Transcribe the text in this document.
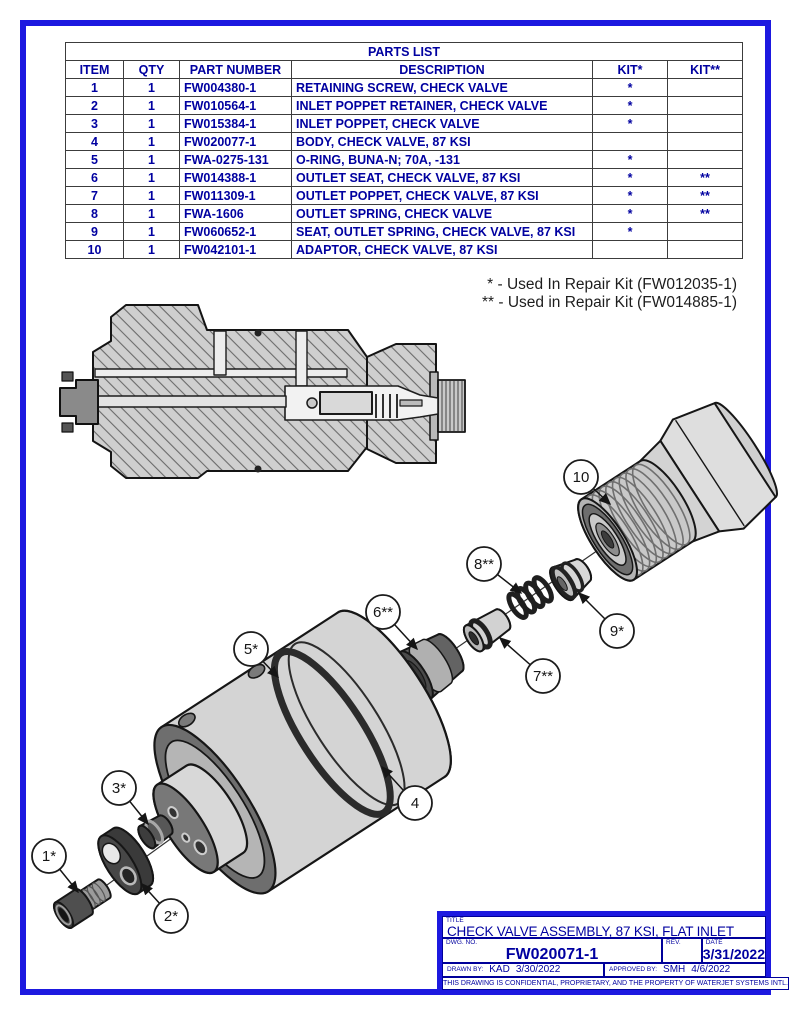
PARTS LIST					
ITEM	QTY	PART NUMBER	DESCRIPTION	KIT*	KIT**
1	1	FW004380-1	RETAINING SCREW, CHECK VALVE	*	
2	1	FW010564-1	INLET POPPET RETAINER, CHECK VALVE	*	
3	1	FW015384-1	INLET POPPET, CHECK VALVE	*	
4	1	FW020077-1	BODY, CHECK VALVE, 87 KSI		
5	1	FWA-0275-131	O-RING, BUNA-N; 70A, -131	*	
6	1	FW014388-1	OUTLET SEAT, CHECK VALVE, 87 KSI	*	**
7	1	FW011309-1	OUTLET POPPET, CHECK VALVE, 87 KSI	*	**
8	1	FWA-1606	OUTLET SPRING, CHECK VALVE	*	**
9	1	FW060652-1	SEAT, OUTLET SPRING, CHECK VALVE, 87 KSI	*	
10	1	FW042101-1	ADAPTOR, CHECK VALVE, 87 KSI		
* - Used In Repair Kit (FW012035-1)
** - Used in Repair Kit (FW014885-1)
1*
2*
3*
4
5*
6**
7**
8**
9*
10
TITLE
CHECK VALVE ASSEMBLY, 87 KSI, FLAT INLET
DWG. NO.
FW020071-1
REV.	DATE
3/31/2022
DRAWN BY: KAD 3/30/2022	APPROVED BY: SMH 4/6/2022
THIS DRAWING IS CONFIDENTIAL, PROPRIETARY, AND THE PROPERTY OF WATERJET SYSTEMS INTL.
